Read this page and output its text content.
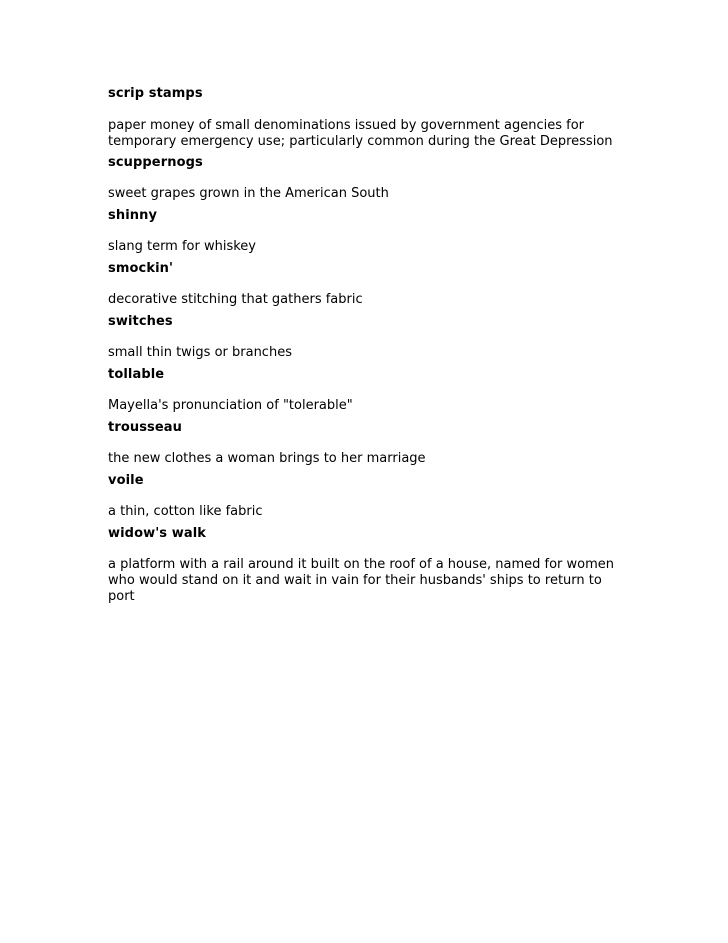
scrip stamps

paper money of small denominations issued by government agencies for temporary emergency use; particularly common during the Great Depression

scuppernogs

sweet grapes grown in the American South

shinny

slang term for whiskey

smockin'

decorative stitching that gathers fabric

switches

small thin twigs or branches

tollable

Mayella's pronunciation of "tolerable"

trousseau

the new clothes a woman brings to her marriage

voile

a thin, cotton like fabric

widow's walk

a platform with a rail around it built on the roof of a house, named for women who would stand on it and wait in vain for their husbands' ships to return to port
